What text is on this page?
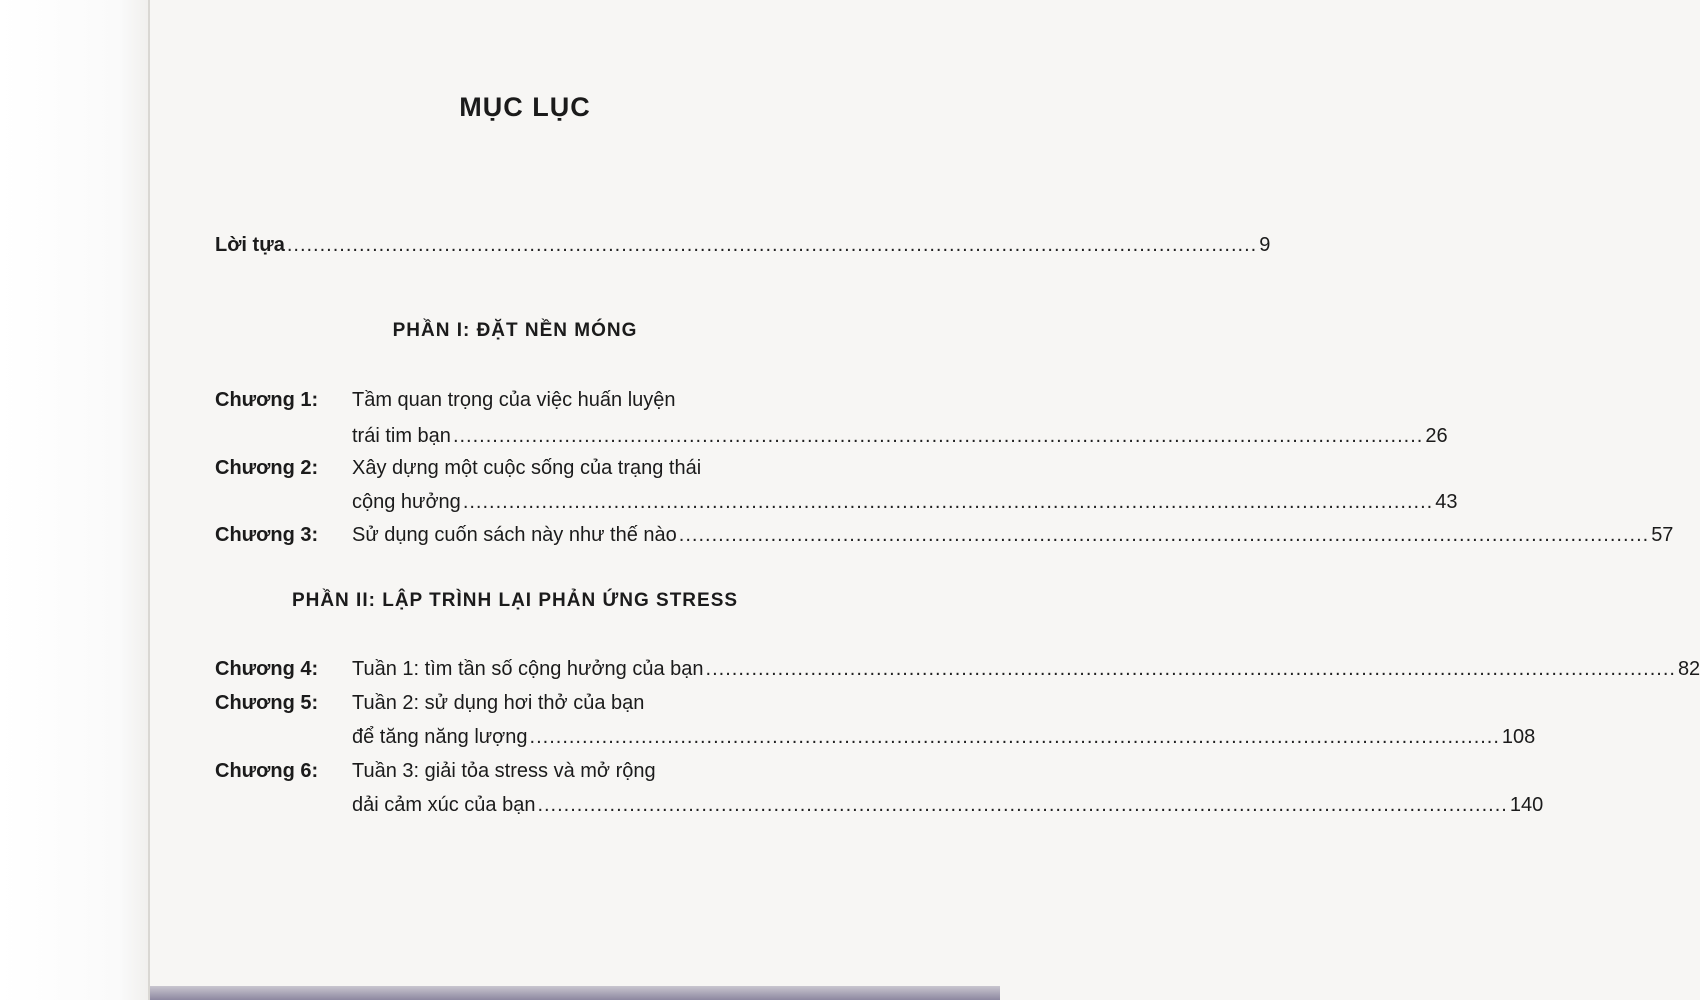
MỤC LỤC
Lời tựa .................................................................................................................................................... 9
PHẦN I: ĐẶT NỀN MÓNG
Chương 1: Tầm quan trọng của việc huấn luyện
trái tim bạn .................................................................................................................................................... 26
Chương 2: Xây dựng một cuộc sống của trạng thái
cộng hưởng .................................................................................................................................................... 43
Chương 3: Sử dụng cuốn sách này như thế nào .................................................................................................................................................... 57
PHẦN II: LẬP TRÌNH LẠI PHẢN ỨNG STRESS
Chương 4: Tuần 1: tìm tần số cộng hưởng của bạn .................................................................................................................................................... 82
Chương 5: Tuần 2: sử dụng hơi thở của bạn
để tăng năng lượng .................................................................................................................................................... 108
Chương 6: Tuần 3: giải tỏa stress và mở rộng
dải cảm xúc của bạn .................................................................................................................................................... 140
